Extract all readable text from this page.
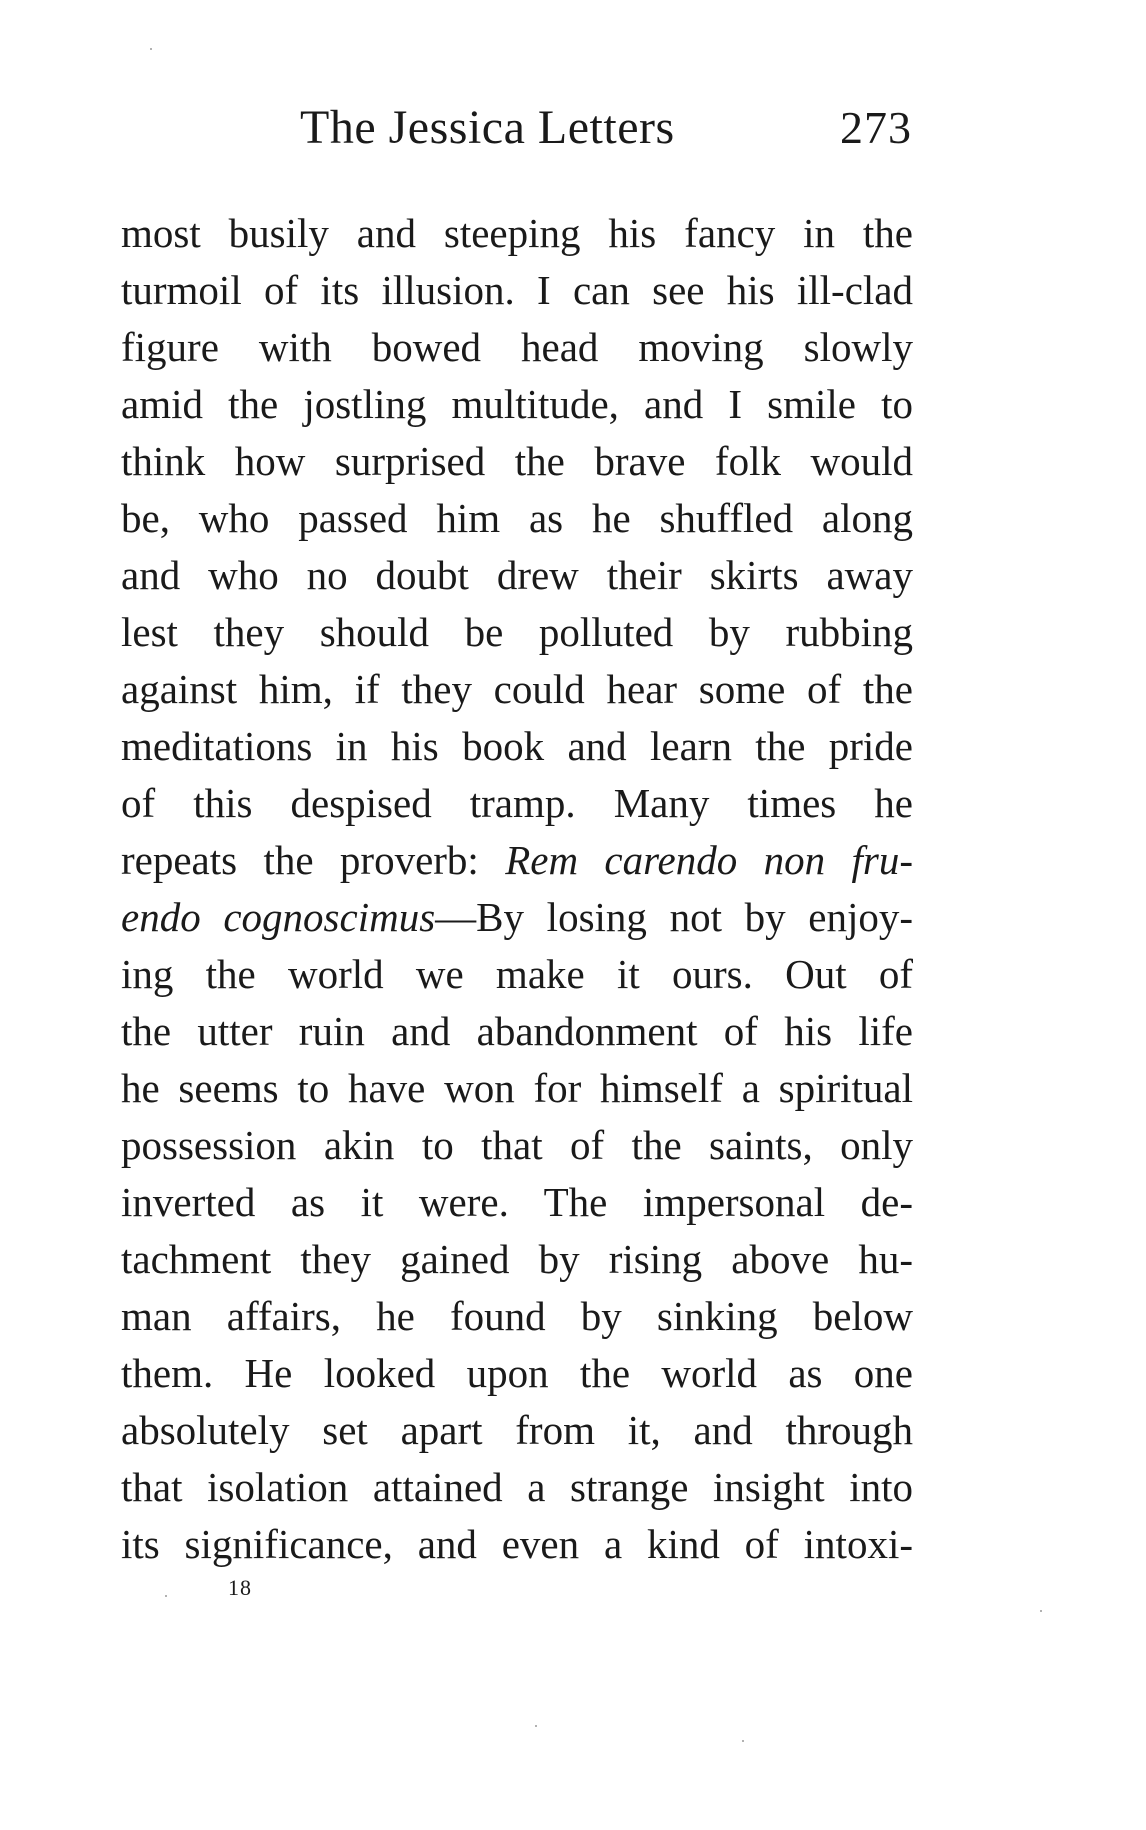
The Jessica Letters	273
most busily and steeping his fancy in the
turmoil of its illusion. I can see his ill-clad
figure with bowed head moving slowly
amid the jostling multitude, and I smile to
think how surprised the brave folk would
be, who passed him as he shuffled along
and who no doubt drew their skirts away
lest they should be polluted by rubbing
against him, if they could hear some of the
meditations in his book and learn the pride
of this despised tramp. Many times he
repeats the proverb: Rem carendo non fru-
endo cognoscimus—By losing not by enjoy-
ing the world we make it ours. Out of
the utter ruin and abandonment of his life
he seems to have won for himself a spiritual
possession akin to that of the saints, only
inverted as it were. The impersonal de-
tachment they gained by rising above hu-
man affairs, he found by sinking below
them. He looked upon the world as one
absolutely set apart from it, and through
that isolation attained a strange insight into
its significance, and even a kind of intoxi-
18
